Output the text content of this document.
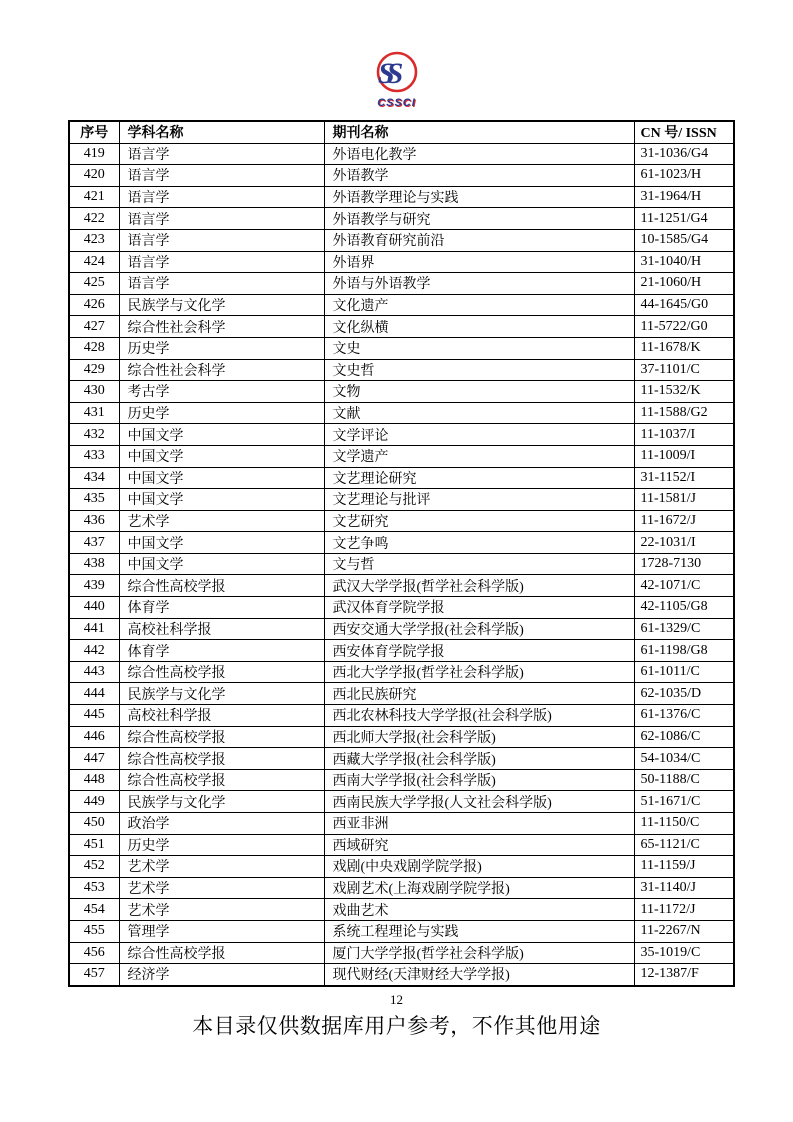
SS
CSSCI
序号	学科名称	期刊名称	CN 号/ ISSN
419	语言学	外语电化教学	31-1036/G4
420	语言学	外语教学	61-1023/H
421	语言学	外语教学理论与实践	31-1964/H
422	语言学	外语教学与研究	11-1251/G4
423	语言学	外语教育研究前沿	10-1585/G4
424	语言学	外语界	31-1040/H
425	语言学	外语与外语教学	21-1060/H
426	民族学与文化学	文化遗产	44-1645/G0
427	综合性社会科学	文化纵横	11-5722/G0
428	历史学	文史	11-1678/K
429	综合性社会科学	文史哲	37-1101/C
430	考古学	文物	11-1532/K
431	历史学	文献	11-1588/G2
432	中国文学	文学评论	11-1037/I
433	中国文学	文学遗产	11-1009/I
434	中国文学	文艺理论研究	31-1152/I
435	中国文学	文艺理论与批评	11-1581/J
436	艺术学	文艺研究	11-1672/J
437	中国文学	文艺争鸣	22-1031/I
438	中国文学	文与哲	1728-7130
439	综合性高校学报	武汉大学学报(哲学社会科学版)	42-1071/C
440	体育学	武汉体育学院学报	42-1105/G8
441	高校社科学报	西安交通大学学报(社会科学版)	61-1329/C
442	体育学	西安体育学院学报	61-1198/G8
443	综合性高校学报	西北大学学报(哲学社会科学版)	61-1011/C
444	民族学与文化学	西北民族研究	62-1035/D
445	高校社科学报	西北农林科技大学学报(社会科学版)	61-1376/C
446	综合性高校学报	西北师大学报(社会科学版)	62-1086/C
447	综合性高校学报	西藏大学学报(社会科学版)	54-1034/C
448	综合性高校学报	西南大学学报(社会科学版)	50-1188/C
449	民族学与文化学	西南民族大学学报(人文社会科学版)	51-1671/C
450	政治学	西亚非洲	11-1150/C
451	历史学	西域研究	65-1121/C
452	艺术学	戏剧(中央戏剧学院学报)	11-1159/J
453	艺术学	戏剧艺术(上海戏剧学院学报)	31-1140/J
454	艺术学	戏曲艺术	11-1172/J
455	管理学	系统工程理论与实践	11-2267/N
456	综合性高校学报	厦门大学学报(哲学社会科学版)	35-1019/C
457	经济学	现代财经(天津财经大学学报)	12-1387/F
12
本目录仅供数据库用户参考，不作其他用途
